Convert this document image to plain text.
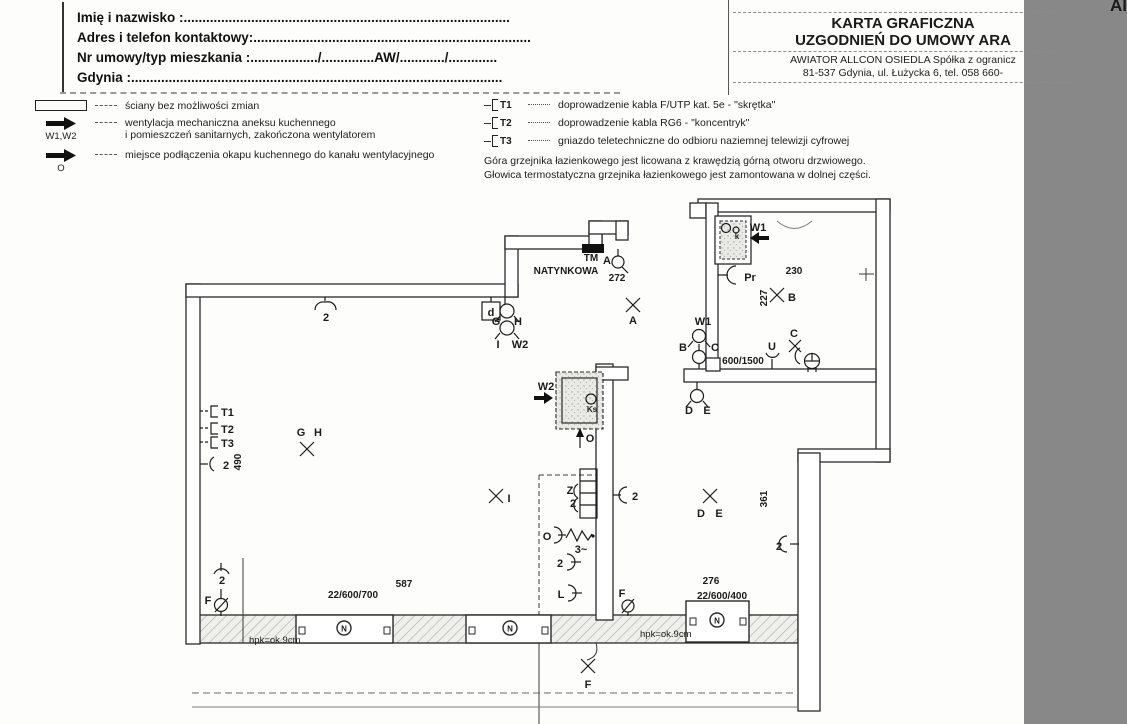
Imię i nazwisko :.......................................................................................
Adres i telefon kontaktowy:..........................................................................
Nr umowy/typ mieszkania :................../..............AW/............/.............
Gdynia :...................................................................................................
Al
KARTA GRAFICZNA
UZGODNIEŃ DO UMOWY ARA
AWIATOR ALLCON OSIEDLA Spółka z ogranicz
81-537 Gdynia, ul. Łużycka 6, tel. 058 660-
ściany bez możliwości zmian
W1,W2
wentylacja mechaniczna aneksu kuchennego
i pomieszczeń sanitarnych, zakończona wentylatorem
O
miejsce podłączenia okapu kuchennego do kanału wentylacyjnego
T1	doprowadzenie kabla F/UTP kat. 5e - "skrętka"
T2	doprowadzenie kabla RG6 - "koncentryk"
T3	gniazdo teletechniczne do odbioru naziemnej telewizji cyfrowej
Góra grzejnika łazienkowego jest licowana z krawędzią górną otworu drzwiowego.
Głowica termostatyczna grzejnika łazienkowego jest zamontowana w dolnej części.
N	N
N
TM
NATYNKOWA
A
272
2	d
G H
I W2
A
k
W1
Pr
230
227 B
W1
B C
600/1500
U
C
D E
T1
T2
T3
2 490
G H
I
W2
Ks
O
Z
2
2
O
3~
2
L	F
D E
361
2
276
22/600/400
587
22/600/700
hpk=ok.9cm
hpk=ok.9cm
F
2
F
